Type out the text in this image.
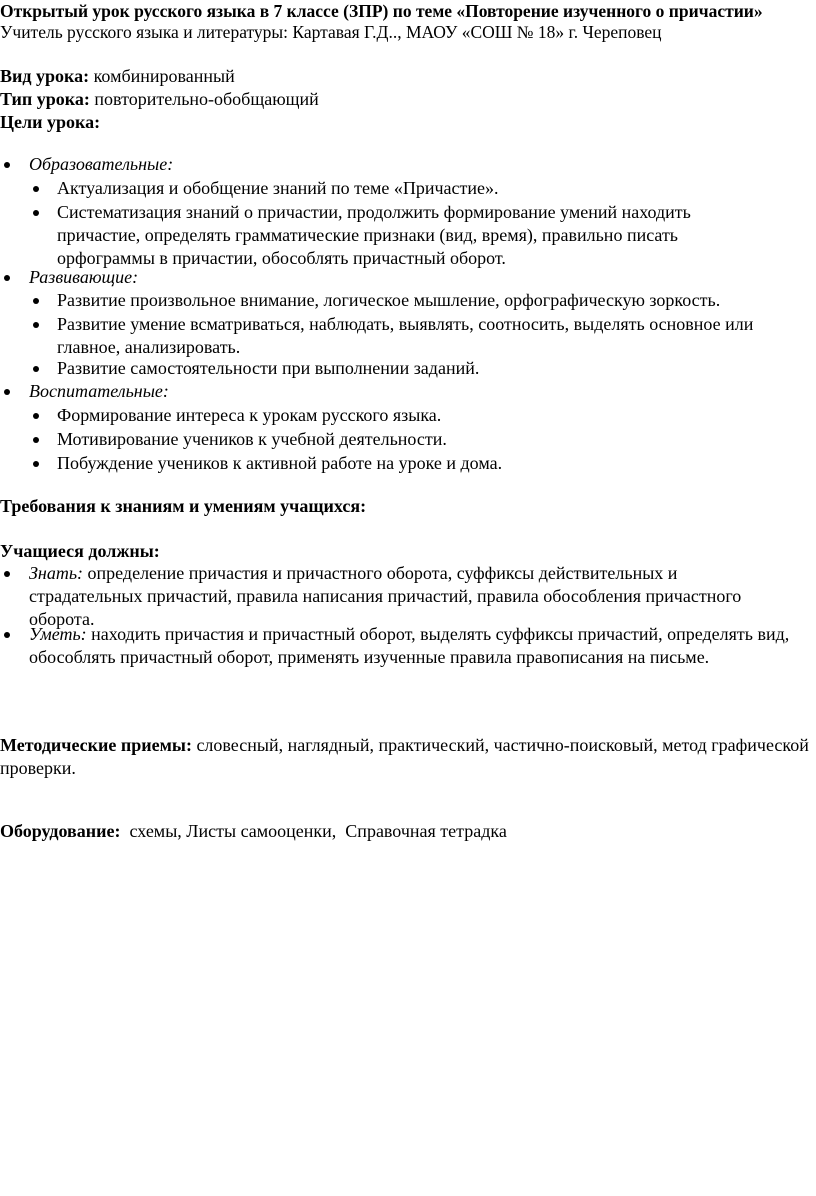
Открытый урок русского языка в 7 классе (ЗПР) по теме «Повторение изученного о причастии»
Учитель русского языка и литературы: Картавая Г.Д.., МАОУ «СОШ № 18» г. Череповец
Вид урока: комбинированный
Тип урока: повторительно-обобщающий
Цели урока:
Образовательные:
Актуализация и обобщение знаний по теме «Причастие».
Систематизация знаний о причастии, продолжить формирование умений находить причастие, определять грамматические признаки (вид, время), правильно писать орфограммы в причастии, обособлять причастный оборот.
Развивающие:
Развитие произвольное внимание, логическое мышление, орфографическую зоркость.
Развитие умение всматриваться, наблюдать, выявлять, соотносить, выделять основное или главное, анализировать.
Развитие самостоятельности при выполнении заданий.
Воспитательные:
Формирование интереса к урокам русского языка.
Мотивирование учеников к учебной деятельности.
Побуждение учеников к активной работе на уроке и дома.
Требования к знаниям и умениям учащихся:
Учащиеся должны:
Знать: определение причастия и причастного оборота, суффиксы действительных и страдательных причастий, правила написания причастий, правила обособления причастного оборота.
Уметь: находить причастия и причастный оборот, выделять суффиксы причастий, определять вид, обособлять причастный оборот, применять изученные правила правописания на письме.
Методические приемы: словесный, наглядный, практический, частично-поисковый, метод графической проверки.
Оборудование:  схемы, Листы самооценки,  Справочная тетрадка
